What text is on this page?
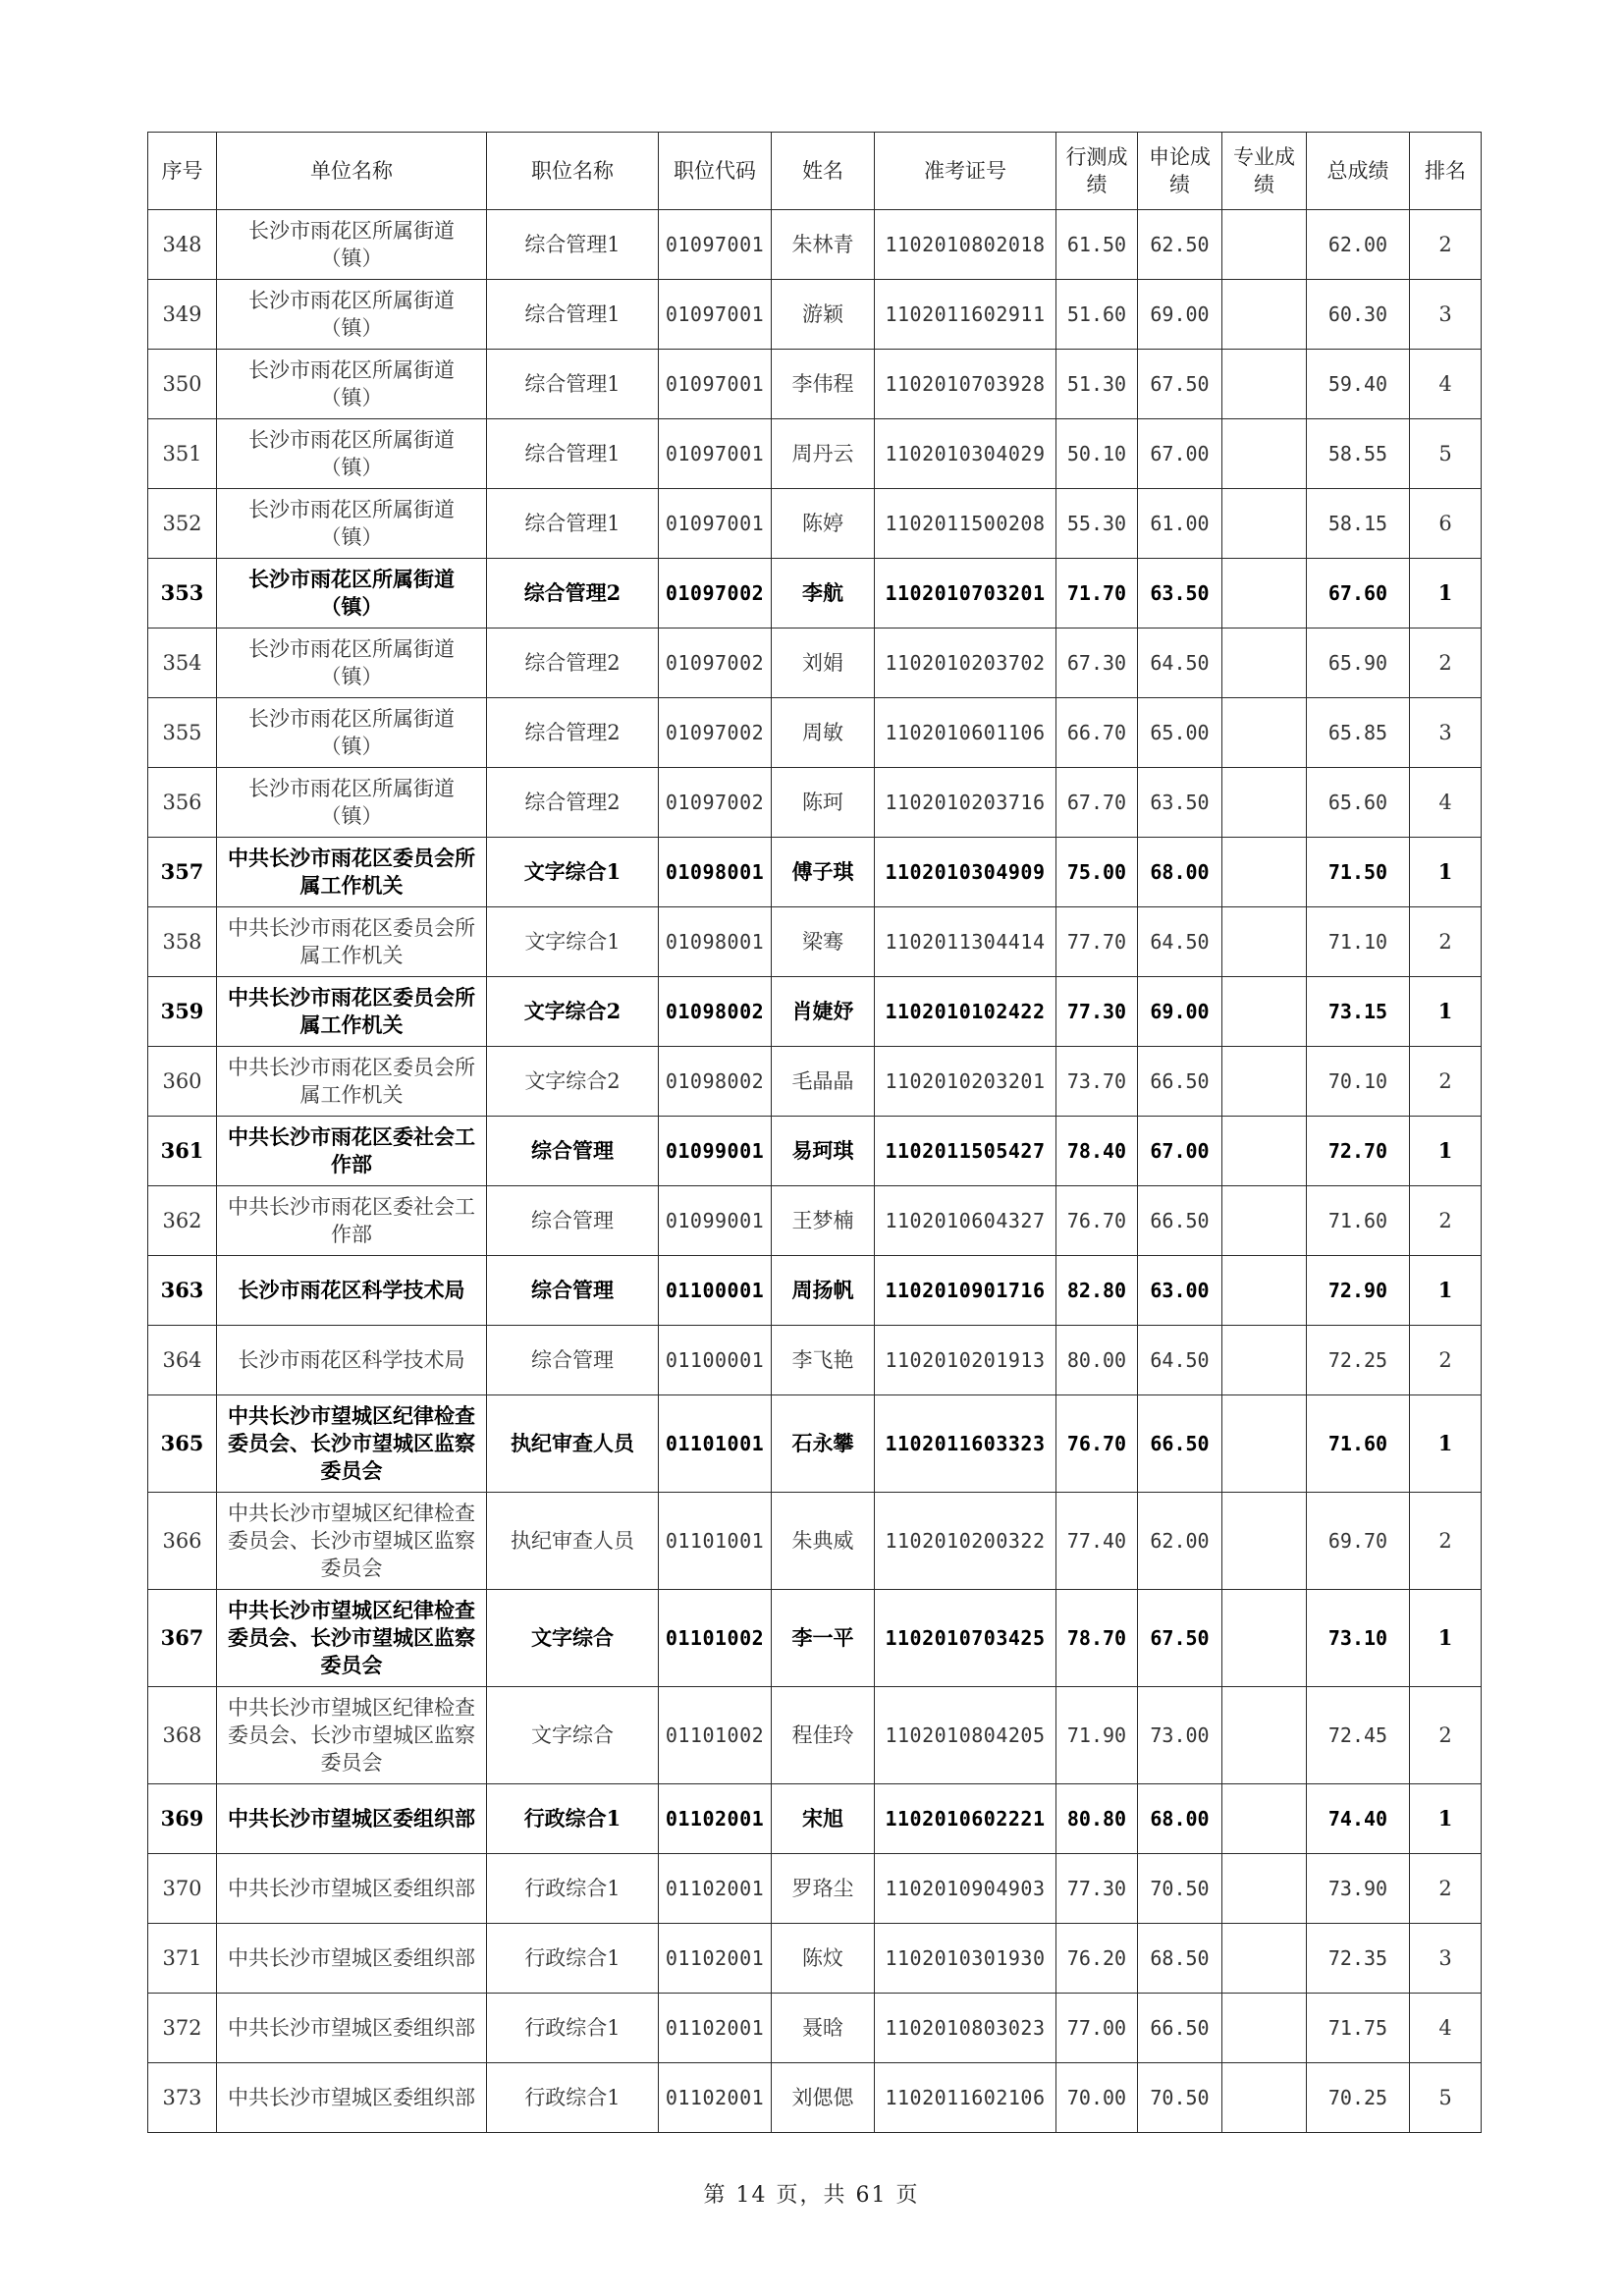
序号	单位名称	职位名称	职位代码	姓名	准考证号	行测成绩	申论成绩	专业成绩	总成绩	排名
348	长沙市雨花区所属街道（镇）	综合管理1	01097001	朱林青	1102010802018	61.50	62.50		62.00	2
349	长沙市雨花区所属街道（镇）	综合管理1	01097001	游颖	1102011602911	51.60	69.00		60.30	3
350	长沙市雨花区所属街道（镇）	综合管理1	01097001	李伟程	1102010703928	51.30	67.50		59.40	4
351	长沙市雨花区所属街道（镇）	综合管理1	01097001	周丹云	1102010304029	50.10	67.00		58.55	5
352	长沙市雨花区所属街道（镇）	综合管理1	01097001	陈婷	1102011500208	55.30	61.00		58.15	6
353	长沙市雨花区所属街道（镇）	综合管理2	01097002	李航	1102010703201	71.70	63.50		67.60	1
354	长沙市雨花区所属街道（镇）	综合管理2	01097002	刘娟	1102010203702	67.30	64.50		65.90	2
355	长沙市雨花区所属街道（镇）	综合管理2	01097002	周敏	1102010601106	66.70	65.00		65.85	3
356	长沙市雨花区所属街道（镇）	综合管理2	01097002	陈珂	1102010203716	67.70	63.50		65.60	4
357	中共长沙市雨花区委员会所属工作机关	文字综合1	01098001	傅子琪	1102010304909	75.00	68.00		71.50	1
358	中共长沙市雨花区委员会所属工作机关	文字综合1	01098001	梁骞	1102011304414	77.70	64.50		71.10	2
359	中共长沙市雨花区委员会所属工作机关	文字综合2	01098002	肖婕妤	1102010102422	77.30	69.00		73.15	1
360	中共长沙市雨花区委员会所属工作机关	文字综合2	01098002	毛晶晶	1102010203201	73.70	66.50		70.10	2
361	中共长沙市雨花区委社会工作部	综合管理	01099001	易珂琪	1102011505427	78.40	67.00		72.70	1
362	中共长沙市雨花区委社会工作部	综合管理	01099001	王梦楠	1102010604327	76.70	66.50		71.60	2
363	长沙市雨花区科学技术局	综合管理	01100001	周扬帆	1102010901716	82.80	63.00		72.90	1
364	长沙市雨花区科学技术局	综合管理	01100001	李飞艳	1102010201913	80.00	64.50		72.25	2
365	中共长沙市望城区纪律检查委员会、长沙市望城区监察委员会	执纪审查人员	01101001	石永攀	1102011603323	76.70	66.50		71.60	1
366	中共长沙市望城区纪律检查委员会、长沙市望城区监察委员会	执纪审查人员	01101001	朱典威	1102010200322	77.40	62.00		69.70	2
367	中共长沙市望城区纪律检查委员会、长沙市望城区监察委员会	文字综合	01101002	李一平	1102010703425	78.70	67.50		73.10	1
368	中共长沙市望城区纪律检查委员会、长沙市望城区监察委员会	文字综合	01101002	程佳玲	1102010804205	71.90	73.00		72.45	2
369	中共长沙市望城区委组织部	行政综合1	01102001	宋旭	1102010602221	80.80	68.00		74.40	1
370	中共长沙市望城区委组织部	行政综合1	01102001	罗珞尘	1102010904903	77.30	70.50		73.90	2
371	中共长沙市望城区委组织部	行政综合1	01102001	陈炆	1102010301930	76.20	68.50		72.35	3
372	中共长沙市望城区委组织部	行政综合1	01102001	聂晗	1102010803023	77.00	66.50		71.75	4
373	中共长沙市望城区委组织部	行政综合1	01102001	刘偲偲	1102011602106	70.00	70.50		70.25	5
第 14 页，共 61 页
